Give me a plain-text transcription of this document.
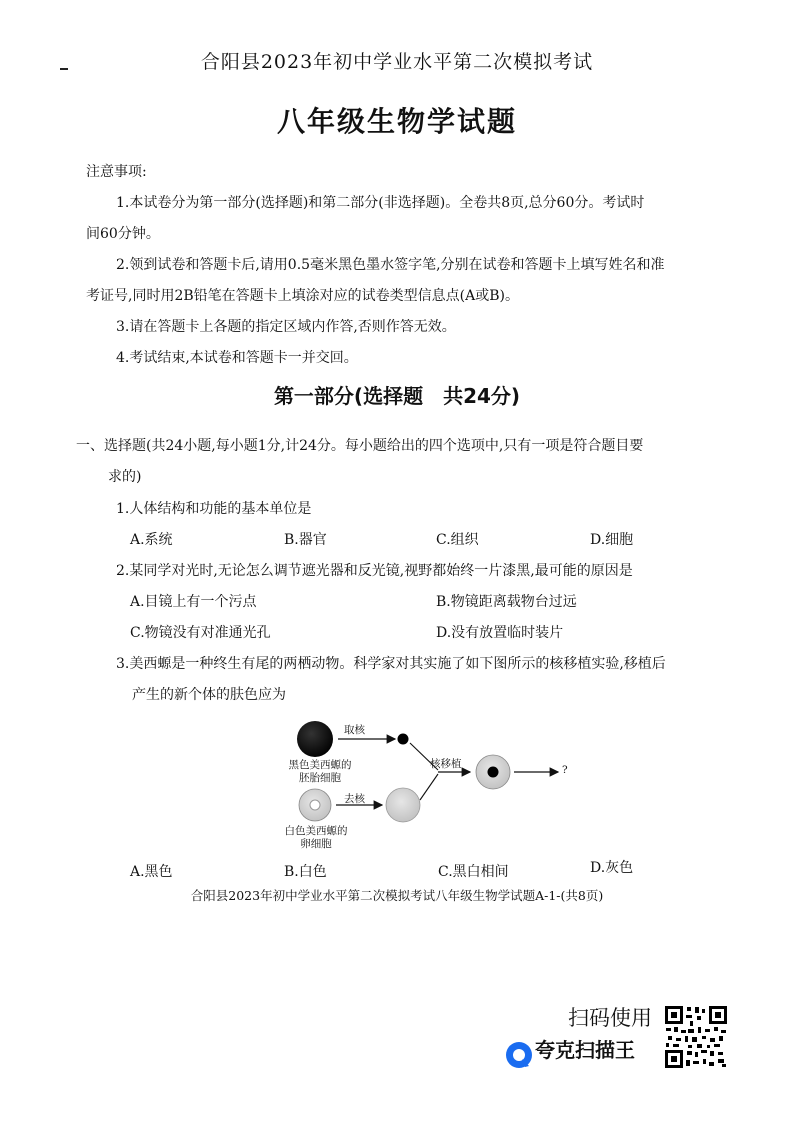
合阳县2023年初中学业水平第二次模拟考试
八年级生物学试题
注意事项:
1.本试卷分为第一部分(选择题)和第二部分(非选择题)。全卷共8页,总分60分。考试时
间60分钟。
2.领到试卷和答题卡后,请用0.5毫米黑色墨水签字笔,分别在试卷和答题卡上填写姓名和准
考证号,同时用2B铅笔在答题卡上填涂对应的试卷类型信息点(A或B)。
3.请在答题卡上各题的指定区域内作答,否则作答无效。
4.考试结束,本试卷和答题卡一并交回。
第一部分(选择题　共24分)
一、选择题(共24小题,每小题1分,计24分。每小题给出的四个选项中,只有一项是符合题目要
求的)
1.人体结构和功能的基本单位是
A.系统	B.器官	C.组织	D.细胞
2.某同学对光时,无论怎么调节遮光器和反光镜,视野都始终一片漆黑,最可能的原因是
A.目镜上有一个污点	B.物镜距离载物台过远
C.物镜没有对准通光孔	D.没有放置临时装片
3.美西螈是一种终生有尾的两栖动物。科学家对其实施了如下图所示的核移植实验,移植后
产生的新个体的肤色应为
取核
黑色美西螈的
胚胎细胞
核移植	?
去核
白色美西螈的
卵细胞
A.黑色	B.白色	C.黑白相间	D.灰色
合阳县2023年初中学业水平第二次模拟考试八年级生物学试题A-1-(共8页)
扫码使用
夸克扫描王
